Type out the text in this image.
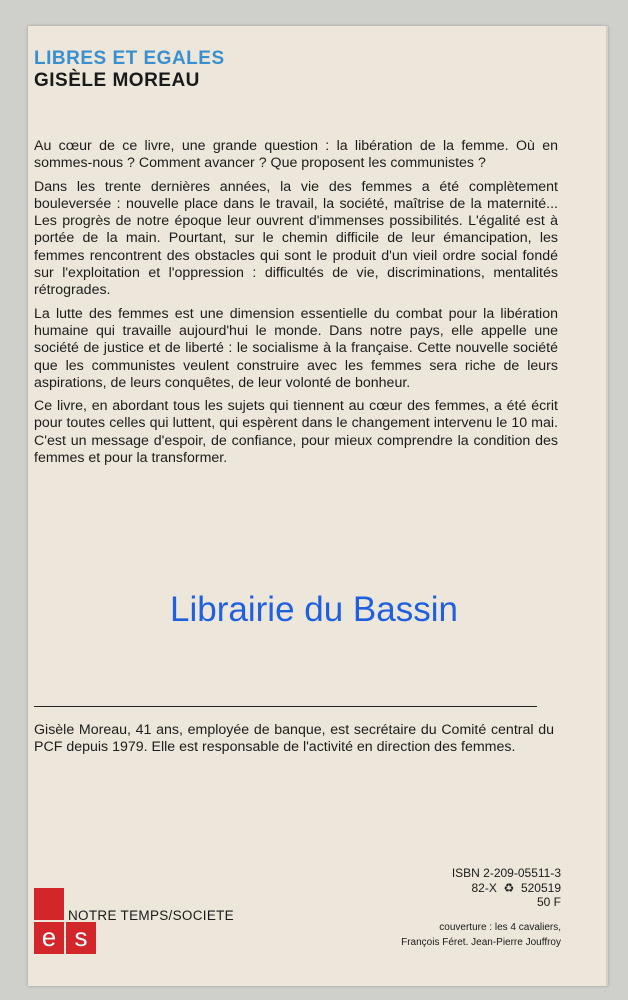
LIBRES ET EGALES
GISÈLE MOREAU

Au cœur de ce livre, une grande question : la libération de la femme. Où en sommes-nous ? Comment avancer ? Que proposent les communistes ?

Dans les trente dernières années, la vie des femmes a été complètement bouleversée : nouvelle place dans le travail, la société, maîtrise de la maternité... Les progrès de notre époque leur ouvrent d'immenses possibilités. L'égalité est à portée de la main. Pourtant, sur le chemin difficile de leur émancipation, les femmes rencontrent des obstacles qui sont le produit d'un vieil ordre social fondé sur l'exploitation et l'oppression : difficultés de vie, discriminations, mentalités rétrogrades.

La lutte des femmes est une dimension essentielle du combat pour la libération humaine qui travaille aujourd'hui le monde. Dans notre pays, elle appelle une société de justice et de liberté : le socialisme à la française. Cette nouvelle société que les communistes veulent construire avec les femmes sera riche de leurs aspirations, de leurs conquêtes, de leur volonté de bonheur.

Ce livre, en abordant tous les sujets qui tiennent au cœur des femmes, a été écrit pour toutes celles qui luttent, qui espèrent dans le changement intervenu le 10 mai. C'est un message d'espoir, de confiance, pour mieux comprendre la condition des femmes et pour la transformer.

Librairie du Bassin

Gisèle Moreau, 41 ans, employée de banque, est secrétaire du Comité central du PCF depuis 1979. Elle est responsable de l'activité en direction des femmes.

e s
NOTRE TEMPS/SOCIETE
ISBN 2-209-05511-3
82-X ♻ 520519
50 F
couverture : les 4 cavaliers,
François Féret. Jean-Pierre Jouffroy
